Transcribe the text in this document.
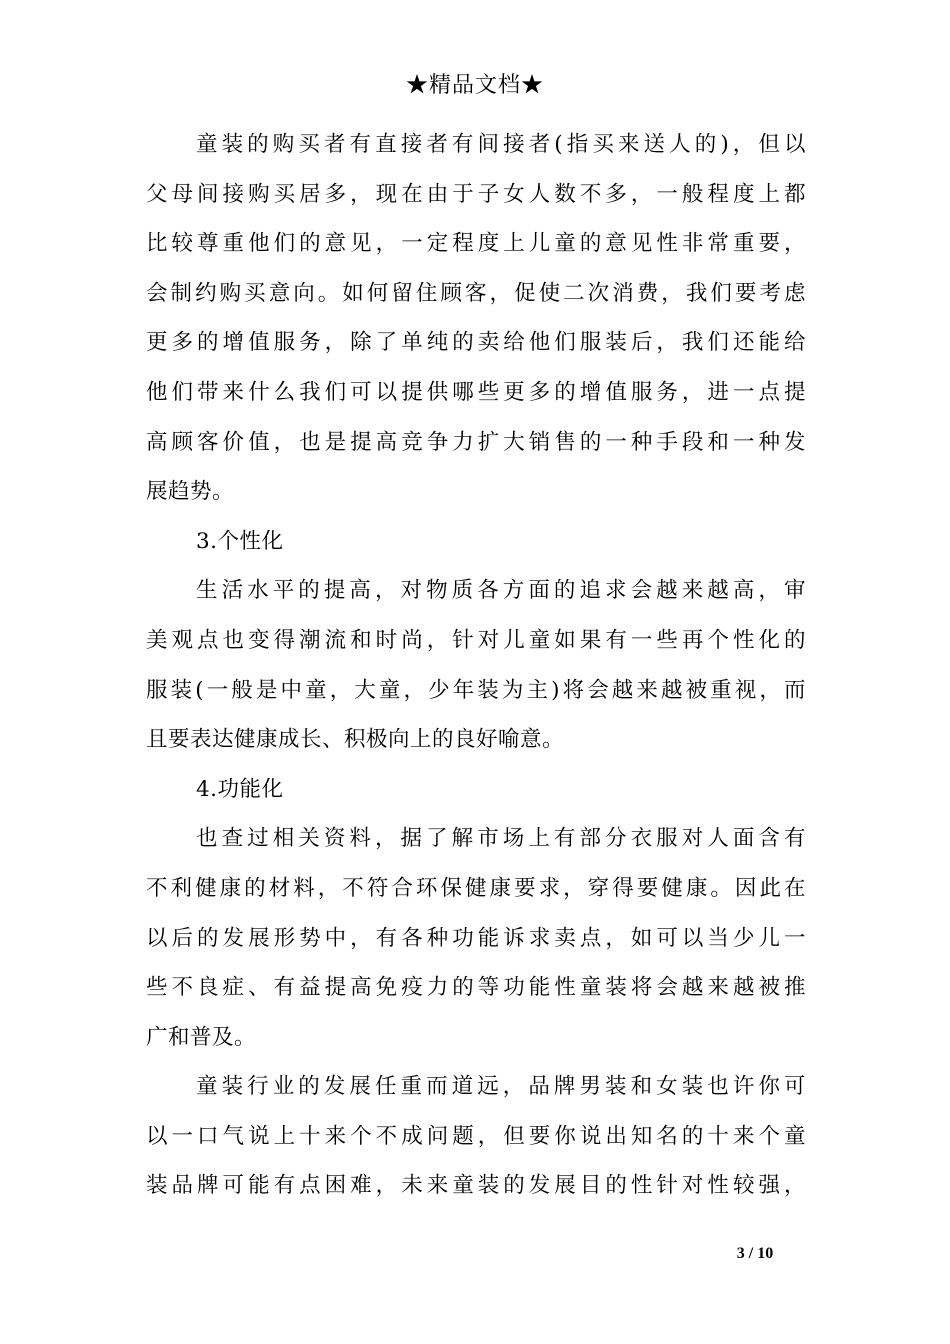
★精品文档★
童装的购买者有直接者有间接者(指买来送人的)，但以
父母间接购买居多，现在由于子女人数不多，一般程度上都
比较尊重他们的意见，一定程度上儿童的意见性非常重要，
会制约购买意向。如何留住顾客，促使二次消费，我们要考虑
更多的增值服务，除了单纯的卖给他们服装后，我们还能给
他们带来什么我们可以提供哪些更多的增值服务，进一点提
高顾客价值，也是提高竞争力扩大销售的一种手段和一种发
展趋势。
3.个性化
生活水平的提高，对物质各方面的追求会越来越高，审
美观点也变得潮流和时尚，针对儿童如果有一些再个性化的
服装(一般是中童，大童，少年装为主)将会越来越被重视，而
且要表达健康成长、积极向上的良好喻意。
4.功能化
也查过相关资料，据了解市场上有部分衣服对人面含有
不利健康的材料，不符合环保健康要求，穿得要健康。因此在
以后的发展形势中，有各种功能诉求卖点，如可以当少儿一
些不良症、有益提高免疫力的等功能性童装将会越来越被推
广和普及。
童装行业的发展任重而道远，品牌男装和女装也许你可
以一口气说上十来个不成问题，但要你说出知名的十来个童
装品牌可能有点困难，未来童装的发展目的性针对性较强，
3 / 10
